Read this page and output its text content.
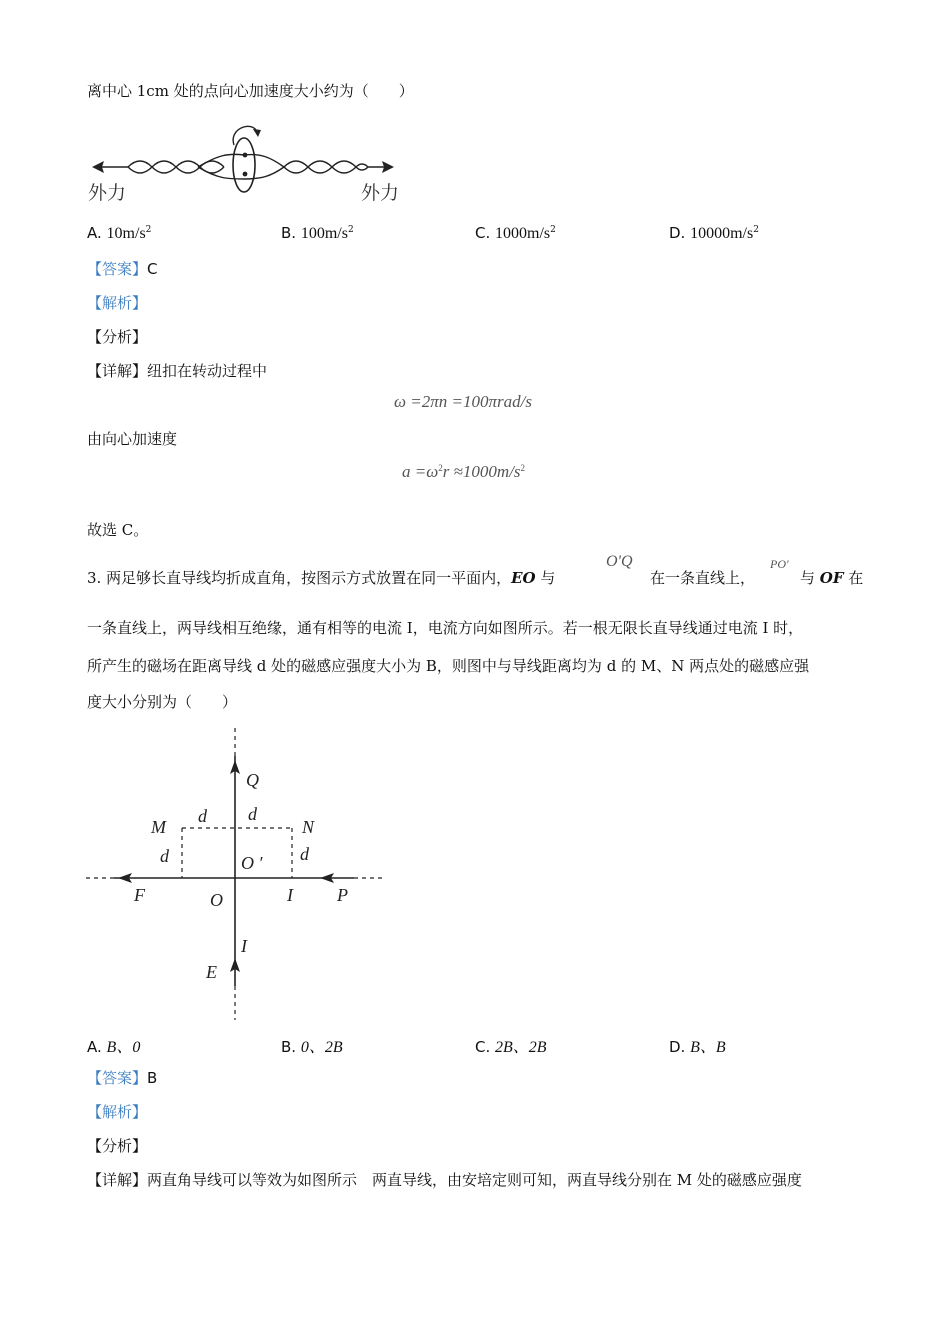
离中心 1cm 处的点向心加速度大小约为（　　）
外力	外力
A. $10m/s^2$	B. $100m/s^2$	C. $1000m/s^2$	D. $10000m/s^2$
【答案】C
【解析】
【分析】
【详解】纽扣在转动过程中
ω =2πn =100πrad/s
由向心加速度
$a =\omega^2r \approx 1000m/s^2$
故选 C。
3. 两足够长直导线均折成直角，按图示方式放置在同一平面内，EO 与
O'Q
在一条直线上，
PO'
与 OF 在
一条直线上，两导线相互绝缘，通有相等的电流 I，电流方向如图所示。若一根无限长直导线通过电流 I 时，
所产生的磁场在距离导线 d 处的磁感应强度大小为 B，则图中与导线距离均为 d 的 M、N 两点处的磁感应强
度大小分别为（　　）
Q
M	N
d d
d	d
O ′
F	O	I P
I
E
A. B、0	B. 0、2B	C. 2B、2B	D. B、B
【答案】B
【解析】
【分析】
【详解】两直角导线可以等效为如图所示　两直导线，由安培定则可知，两直导线分别在 M 处的磁感应强度
